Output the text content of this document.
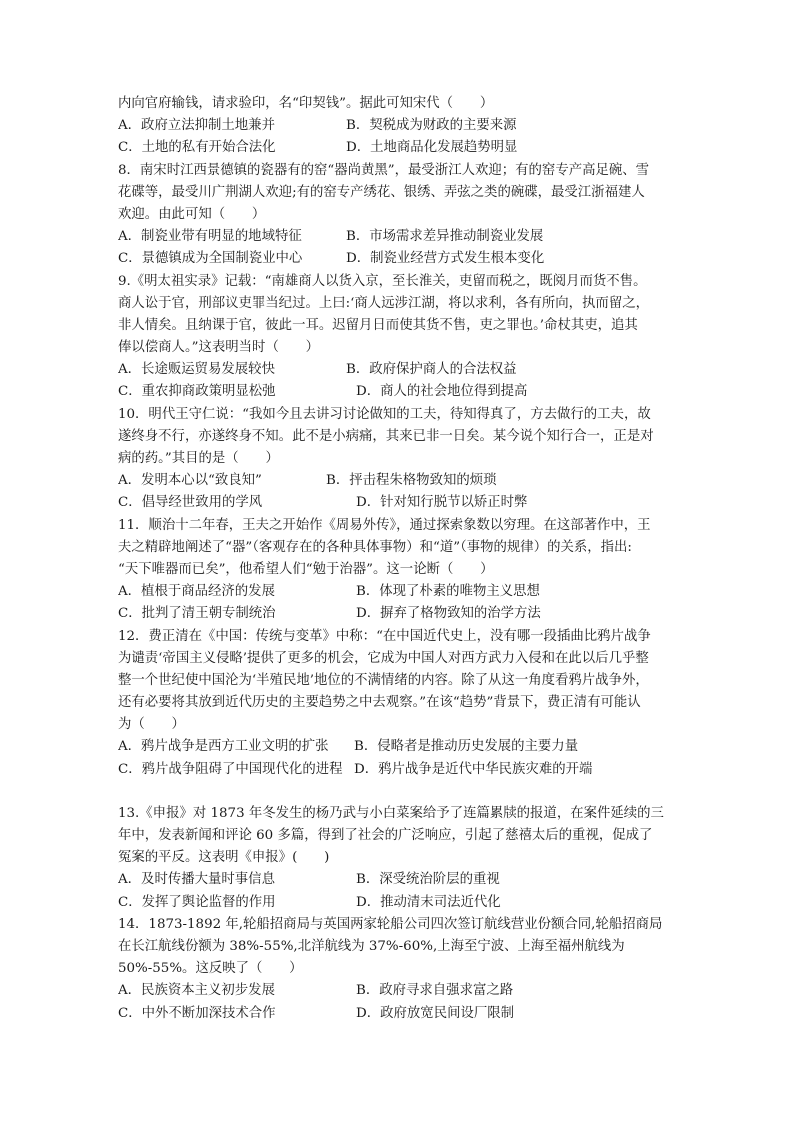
内向官府输钱，请求验印，名“印契钱”。据此可知宋代（　　）
A．政府立法抑制土地兼并	B．契税成为财政的主要来源
C．土地的私有开始合法化	D．土地商品化发展趋势明显
8．南宋时江西景德镇的瓷器有的窑“器尚黄黑”，最受浙江人欢迎；有的窑专产高足碗、雪
花碟等，最受川广荆湖人欢迎;有的窑专产绣花、银绣、弄弦之类的碗碟，最受江浙福建人
欢迎。由此可知（　　）
A．制瓷业带有明显的地域特征	B．市场需求差异推动制瓷业发展
C．景德镇成为全国制瓷业中心	D．制瓷业经营方式发生根本变化
9.《明太祖实录》记载：“南雄商人以货入京，至长淮关，吏留而税之，既阅月而货不售。
商人讼于官，刑部议吏罪当纪过。上曰:‘商人远涉江湖，将以求利，各有所向，执而留之，
非人情矣。且纳课于官，彼此一耳。迟留月日而使其货不售，吏之罪也。’命杖其吏，追其
俸以偿商人。”这表明当时（　　）
A．长途贩运贸易发展较快	B．政府保护商人的合法权益
C．重农抑商政策明显松弛	D．商人的社会地位得到提高
10．明代王守仁说：“我如今且去讲习讨论做知的工夫，待知得真了，方去做行的工夫，故
遂终身不行，亦遂终身不知。此不是小病痛，其来已非一日矣。某今说个知行合一，正是对
病的药。”其目的是（　　）
A．发明本心以“致良知”	B．抨击程朱格物致知的烦琐
C．倡导经世致用的学风	D．针对知行脱节以矫正时弊
11．顺治十二年春，王夫之开始作《周易外传》，通过探索象数以穷理。在这部著作中，王
夫之精辟地阐述了“器”（客观存在的各种具体事物）和“道”（事物的规律）的关系，指出:
“天下唯器而已矣”，他希望人们“勉于治器”。这一论断（　　）
A．植根于商品经济的发展	B．体现了朴素的唯物主义思想
C．批判了清王朝专制统治	D．摒弃了格物致知的治学方法
12．费正清在《中国：传统与变革》中称：“在中国近代史上，没有哪一段插曲比鸦片战争
为谴责‘帝国主义侵略’提供了更多的机会，它成为中国人对西方武力入侵和在此以后几乎整
整一个世纪使中国沦为‘半殖民地’地位的不满情绪的内容。除了从这一角度看鸦片战争外，
还有必要将其放到近代历史的主要趋势之中去观察。”在该“趋势”背景下，费正清有可能认
为（　　）
A．鸦片战争是西方工业文明的扩张	B．侵略者是推动历史发展的主要力量
C．鸦片战争阻碍了中国现代化的进程 D．鸦片战争是近代中华民族灾难的开端
13.《申报》对 1873 年冬发生的杨乃武与小白菜案给予了连篇累牍的报道，在案件延续的三
年中，发表新闻和评论 60 多篇，得到了社会的广泛响应，引起了慈禧太后的重视，促成了
冤案的平反。这表明《申报》(　　)
A．及时传播大量时事信息	B．深受统治阶层的重视
C．发挥了舆论监督的作用	D．推动清末司法近代化
14．1873-1892 年,轮船招商局与英国两家轮船公司四次签订航线营业份额合同,轮船招商局
在长江航线份额为 38%-55%,北洋航线为 37%-60%,上海至宁波、上海至福州航线为
50%-55%。这反映了（　　）
A．民族资本主义初步发展	B．政府寻求自强求富之路
C．中外不断加深技术合作	D．政府放宽民间设厂限制
